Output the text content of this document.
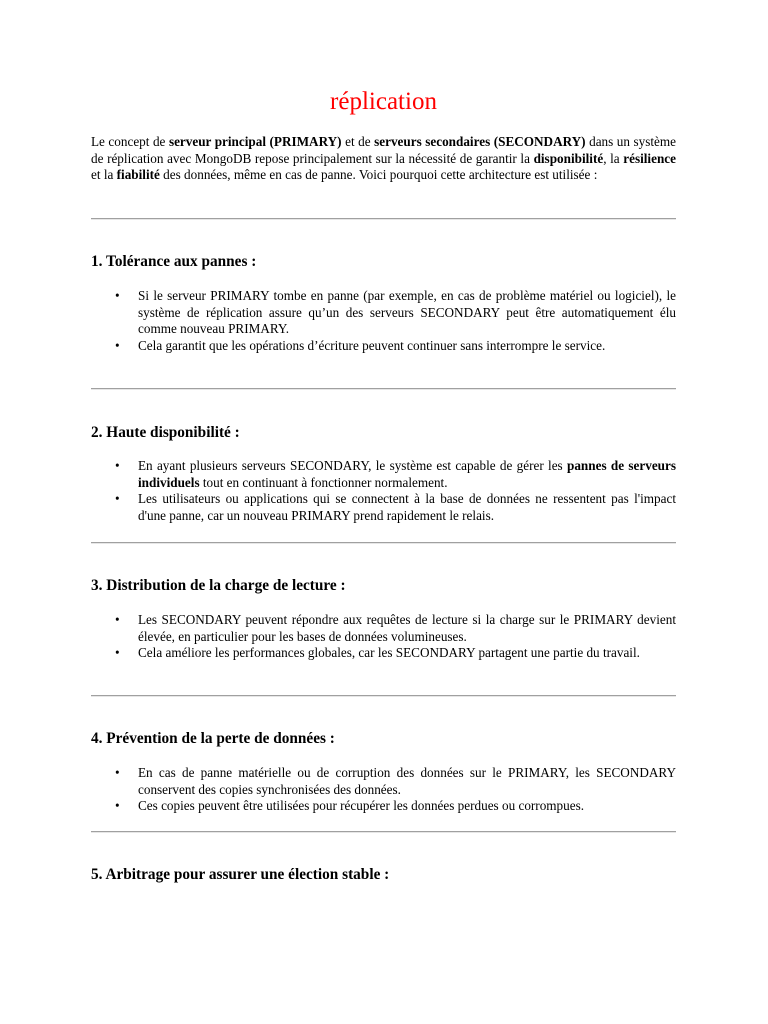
réplication

Le concept de serveur principal (PRIMARY) et de serveurs secondaires (SECONDARY) dans un système de réplication avec MongoDB repose principalement sur la nécessité de garantir la disponibilité, la résilience et la fiabilité des données, même en cas de panne. Voici pourquoi cette architecture est utilisée :

1. Tolérance aux pannes :
• Si le serveur PRIMARY tombe en panne (par exemple, en cas de problème matériel ou logiciel), le système de réplication assure qu’un des serveurs SECONDARY peut être automatiquement élu comme nouveau PRIMARY.
• Cela garantit que les opérations d’écriture peuvent continuer sans interrompre le service.
2. Haute disponibilité :
• En ayant plusieurs serveurs SECONDARY, le système est capable de gérer les pannes de serveurs individuels tout en continuant à fonctionner normalement.
• Les utilisateurs ou applications qui se connectent à la base de données ne ressentent pas l'impact d'une panne, car un nouveau PRIMARY prend rapidement le relais.
3. Distribution de la charge de lecture :
• Les SECONDARY peuvent répondre aux requêtes de lecture si la charge sur le PRIMARY devient élevée, en particulier pour les bases de données volumineuses.
• Cela améliore les performances globales, car les SECONDARY partagent une partie du travail.
4. Prévention de la perte de données :
• En cas de panne matérielle ou de corruption des données sur le PRIMARY, les SECONDARY conservent des copies synchronisées des données.
• Ces copies peuvent être utilisées pour récupérer les données perdues ou corrompues.
5. Arbitrage pour assurer une élection stable :
